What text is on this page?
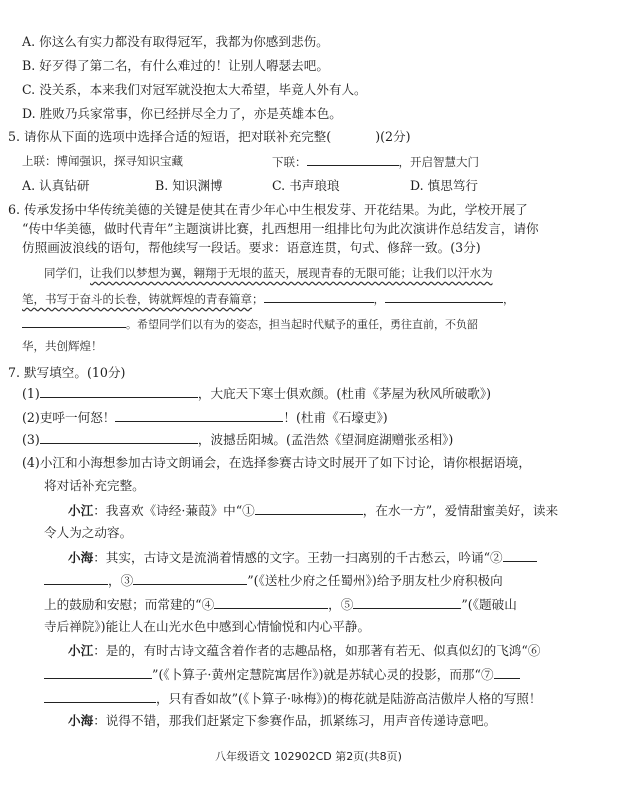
A. 你这么有实力都没有取得冠军，我都为你感到悲伤。
B. 好歹得了第二名，有什么难过的！让别人嘚瑟去吧。
C. 没关系，本来我们对冠军就没抱太大希望，毕竟人外有人。
D. 胜败乃兵家常事，你已经拼尽全力了，亦是英雄本色。
5. 请你从下面的选项中选择合适的短语，把对联补充完整(	)(2分)
上联：博闻强识，探寻知识宝藏	下联：	，开启智慧大门
A. 认真钻研	B. 知识渊博	C. 书声琅琅	D. 慎思笃行
6. 传承发扬中华传统美德的关键是使其在青少年心中生根发芽、开花结果。为此，学校开展了
“传中华美德，做时代青年”主题演讲比赛，扎西想用一组排比句为此次演讲作总结发言，请你
仿照画波浪线的语句，帮他续写一段话。要求：语意连贯，句式、修辞一致。(3分)
同学们，让我们以梦想为翼，翱翔于无垠的蓝天，展现青春的无限可能；让我们以汗水为
笔，书写于奋斗的长卷，铸就辉煌的青春篇章；	，	，
。希望同学们以有为的姿态，担当起时代赋予的重任，勇往直前，不负韶
华，共创辉煌！
7. 默写填空。(10分)
(1)	，大庇天下寒士俱欢颜。(杜甫《茅屋为秋风所破歌》)
(2)吏呼一何怒！	！(杜甫《石壕吏》)
(3)	，波撼岳阳城。(孟浩然《望洞庭湖赠张丞相》)
(4)小江和小海想参加古诗文朗诵会，在选择参赛古诗文时展开了如下讨论，请你根据语境，
将对话补充完整。
小江：我喜欢《诗经·蒹葭》中“①	，在水一方”，爱情甜蜜美好，读来
令人为之动容。
小海：其实，古诗文是流淌着情感的文字。王勃一扫离别的千古愁云，吟诵“②
，③	”(《送杜少府之任蜀州》)给予朋友杜少府积极向
上的鼓励和安慰；而常建的“④	，⑤	”(《题破山
寺后禅院》)能让人在山光水色中感到心情愉悦和内心平静。
小江：是的，有时古诗文蕴含着作者的志趣品格，如那著有若无、似真似幻的飞鸿“⑥
”(《卜算子·黄州定慧院寓居作》)就是苏轼心灵的投影，而那“⑦
，只有香如故”(《卜算子·咏梅》)的梅花就是陆游高洁傲岸人格的写照！
小海：说得不错，那我们赶紧定下参赛作品，抓紧练习，用声音传递诗意吧。
八年级语文 102902CD 第2页(共8页)
